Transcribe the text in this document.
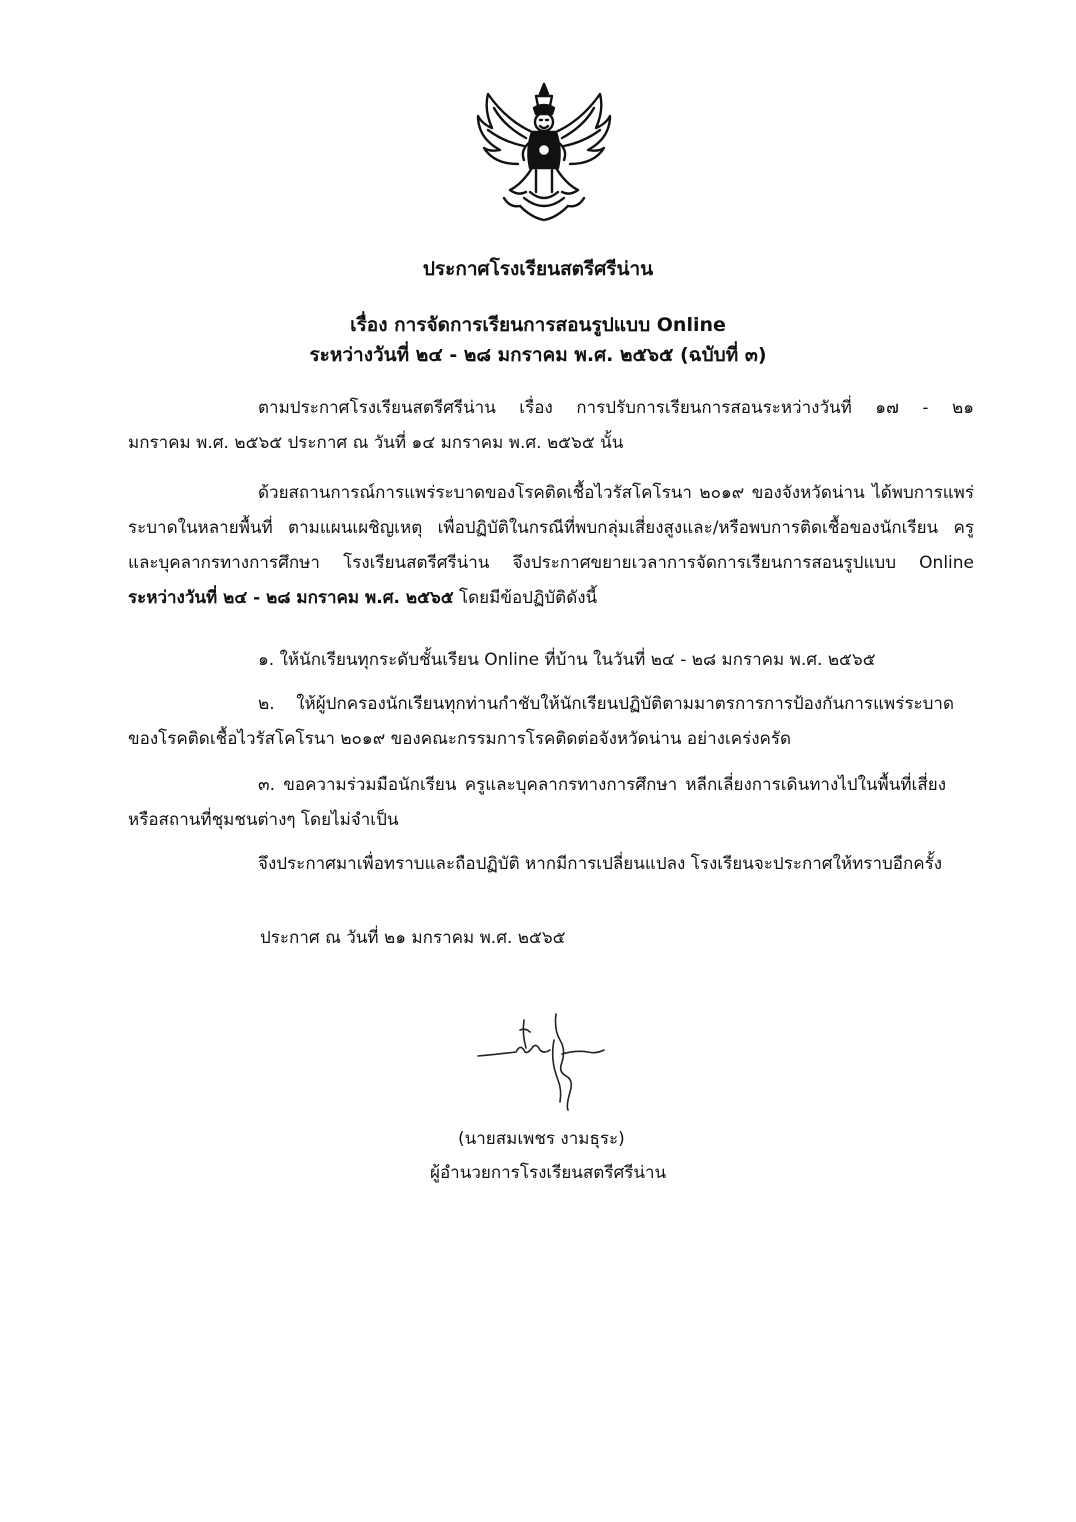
ประกาศโรงเรียนสตรีศรีน่าน
เรื่อง การจัดการเรียนการสอนรูปแบบ Online
ระหว่างวันที่ ๒๔ - ๒๘ มกราคม พ.ศ. ๒๕๖๕ (ฉบับที่ ๓)
ตามประกาศโรงเรียนสตรีศรีน่าน เรื่อง การปรับการเรียนการสอนระหว่างวันที่ ๑๗ - ๒๑
มกราคม พ.ศ. ๒๕๖๕ ประกาศ ณ วันที่ ๑๔ มกราคม พ.ศ. ๒๕๖๕ นั้น
ด้วยสถานการณ์การแพร่ระบาดของโรคติดเชื้อไวรัสโคโรนา ๒๐๑๙ ของจังหวัดน่าน ได้พบการแพร่
ระบาดในหลายพื้นที่ ตามแผนเผชิญเหตุ เพื่อปฏิบัติในกรณีที่พบกลุ่มเสี่ยงสูงและ/หรือพบการติดเชื้อของนักเรียน ครู
และบุคลากรทางการศึกษา โรงเรียนสตรีศรีน่าน จึงประกาศขยายเวลาการจัดการเรียนการสอนรูปแบบ Online
ระหว่างวันที่ ๒๔ - ๒๘ มกราคม พ.ศ. ๒๕๖๕ โดยมีข้อปฏิบัติดังนี้
๑. ให้นักเรียนทุกระดับชั้นเรียน Online ที่บ้าน ในวันที่ ๒๔ - ๒๘ มกราคม พ.ศ. ๒๕๖๕
๒. ให้ผู้ปกครองนักเรียนทุกท่านกำชับให้นักเรียนปฏิบัติตามมาตรการการป้องกันการแพร่ระบาด
ของโรคติดเชื้อไวรัสโคโรนา ๒๐๑๙ ของคณะกรรมการโรคติดต่อจังหวัดน่าน อย่างเคร่งครัด
๓. ขอความร่วมมือนักเรียน ครูและบุคลากรทางการศึกษา หลีกเลี่ยงการเดินทางไปในพื้นที่เสี่ยง
หรือสถานที่ชุมชนต่างๆ โดยไม่จำเป็น
จึงประกาศมาเพื่อทราบและถือปฏิบัติ หากมีการเปลี่ยนแปลง โรงเรียนจะประกาศให้ทราบอีกครั้ง
ประกาศ ณ วันที่ ๒๑ มกราคม พ.ศ. ๒๕๖๕
(นายสมเพชร งามธุระ)
ผู้อำนวยการโรงเรียนสตรีศรีน่าน
